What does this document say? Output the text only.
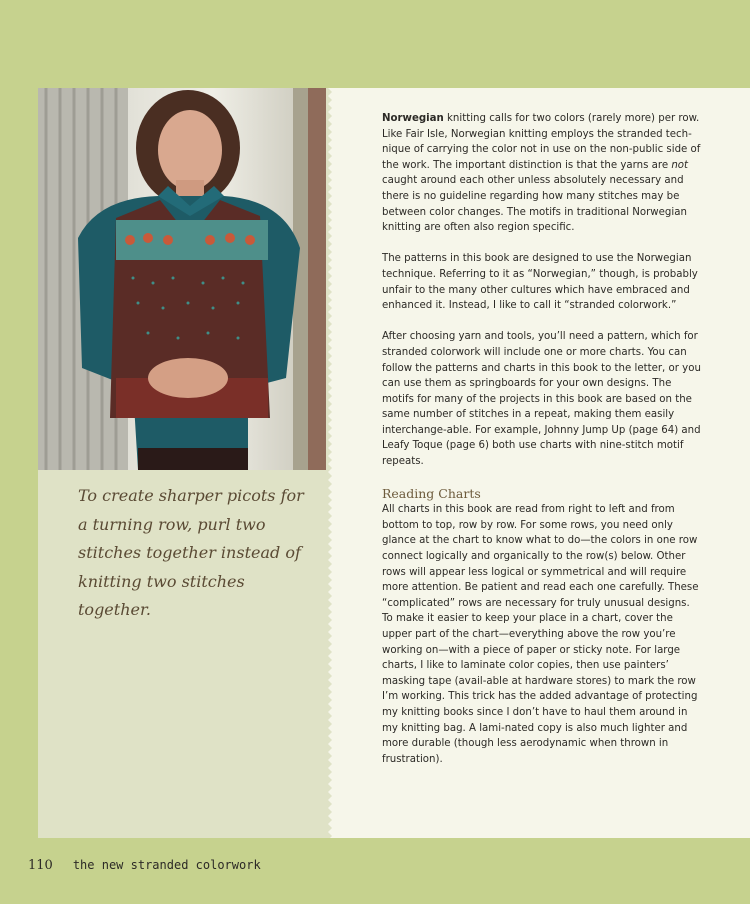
To create sharper picots for a turning row, purl two stitches together instead of knitting two stitches together.

Norwegian knitting calls for two colors (rarely more) per row. Like Fair Isle, Norwegian knitting employs the stranded tech-nique of carrying the color not in use on the non-public side of the work. The important distinction is that the yarns are not caught around each other unless absolutely necessary and there is no guideline regarding how many stitches may be between color changes. The motifs in traditional Norwegian knitting are often also region specific.

The patterns in this book are designed to use the Norwegian technique. Referring to it as “Norwegian,” though, is probably unfair to the many other cultures which have embraced and enhanced it. Instead, I like to call it “stranded colorwork.”

After choosing yarn and tools, you’ll need a pattern, which for stranded colorwork will include one or more charts. You can follow the patterns and charts in this book to the letter, or you can use them as springboards for your own designs. The motifs for many of the projects in this book are based on the same number of stitches in a repeat, making them easily interchange-able. For example, Johnny Jump Up (page 64) and Leafy Toque (page 6) both use charts with nine-stitch motif repeats.

Reading Charts

All charts in this book are read from right to left and from bottom to top, row by row. For some rows, you need only glance at the chart to know what to do—the colors in one row connect logically and organically to the row(s) below. Other rows will appear less logical or symmetrical and will require more attention. Be patient and read each one carefully. These “complicated” rows are necessary for truly unusual designs. To make it easier to keep your place in a chart, cover the upper part of the chart—everything above the row you’re working on—with a piece of paper or sticky note. For large charts, I like to laminate color copies, then use painters’ masking tape (avail-able at hardware stores) to mark the row I’m working. This trick has the added advantage of protecting my knitting books since I don’t have to haul them around in my knitting bag. A lami-nated copy is also much lighter and more durable (though less aerodynamic when thrown in frustration).

110 the new stranded colorwork
